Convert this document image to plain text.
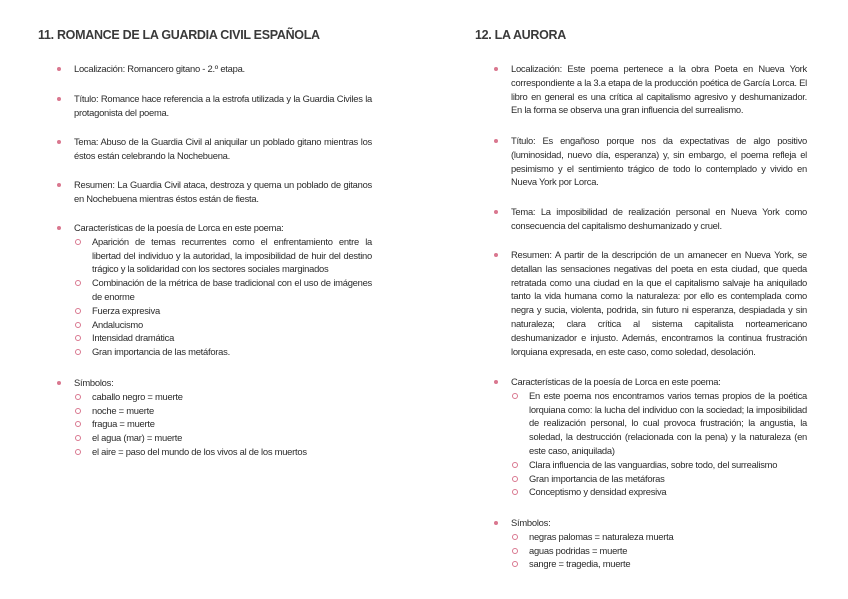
11. ROMANCE DE LA GUARDIA CIVIL ESPAÑOLA
Localización: Romancero gitano - 2.º etapa.
Título: Romance hace referencia a la estrofa utilizada y la Guardia Civiles la protagonista del poema.
Tema: Abuso de la Guardia Civil al aniquilar un poblado gitano mientras los éstos están celebrando la Nochebuena.
Resumen: La Guardia Civil ataca, destroza y quema un poblado de gitanos en Nochebuena mientras éstos están de fiesta.
Características de la poesía de Lorca en este poema:
Aparición de temas recurrentes como el enfrentamiento entre la libertad del individuo y la autoridad, la imposibilidad de huir del destino trágico y la solidaridad con los sectores sociales marginados
Combinación de la métrica de base tradicional con el uso de imágenes de enorme
Fuerza expresiva
Andalucismo
Intensidad dramática
Gran importancia de las metáforas.
Símbolos:
caballo negro = muerte
noche = muerte
fragua = muerte
el agua (mar) = muerte
el aire = paso del mundo de los vivos al de los muertos
12. LA AURORA
Localización: Este poema pertenece a la obra Poeta en Nueva York correspondiente a la 3.a etapa de la producción poética de García Lorca. El libro en general es una crítica al capitalismo agresivo y deshumanizador. En la forma se observa una gran influencia del surrealismo.
Título: Es engañoso porque nos da expectativas de algo positivo (luminosidad, nuevo día, esperanza) y, sin embargo, el poema refleja el pesimismo y el sentimiento trágico de todo lo contemplado y vivido en Nueva York por Lorca.
Tema: La imposibilidad de realización personal en Nueva York como consecuencia del capitalismo deshumanizado y cruel.
Resumen: A partir de la descripción de un amanecer en Nueva York, se detallan las sensaciones negativas del poeta en esta ciudad, que queda retratada como una ciudad en la que el capitalismo salvaje ha aniquilado tanto la vida humana como la naturaleza: por ello es contemplada como negra y sucia, violenta, podrida, sin futuro ni esperanza, despiadada y sin naturaleza; clara crítica al sistema capitalista norteamericano deshumanizador e injusto. Además, encontramos la continua frustración lorquiana expresada, en este caso, como soledad, desolación.
Características de la poesía de Lorca en este poema:
En este poema nos encontramos varios temas propios de la poética lorquiana como: la lucha del individuo con la sociedad; la imposibilidad de realización personal, lo cual provoca frustración; la angustia, la soledad, la destrucción (relacionada con la pena) y la naturaleza (en este caso, aniquilada)
Clara influencia de las vanguardias, sobre todo, del surrealismo
Gran importancia de las metáforas
Conceptismo y densidad expresiva
Símbolos:
negras palomas = naturaleza muerta
aguas podridas = muerte
sangre = tragedia, muerte
